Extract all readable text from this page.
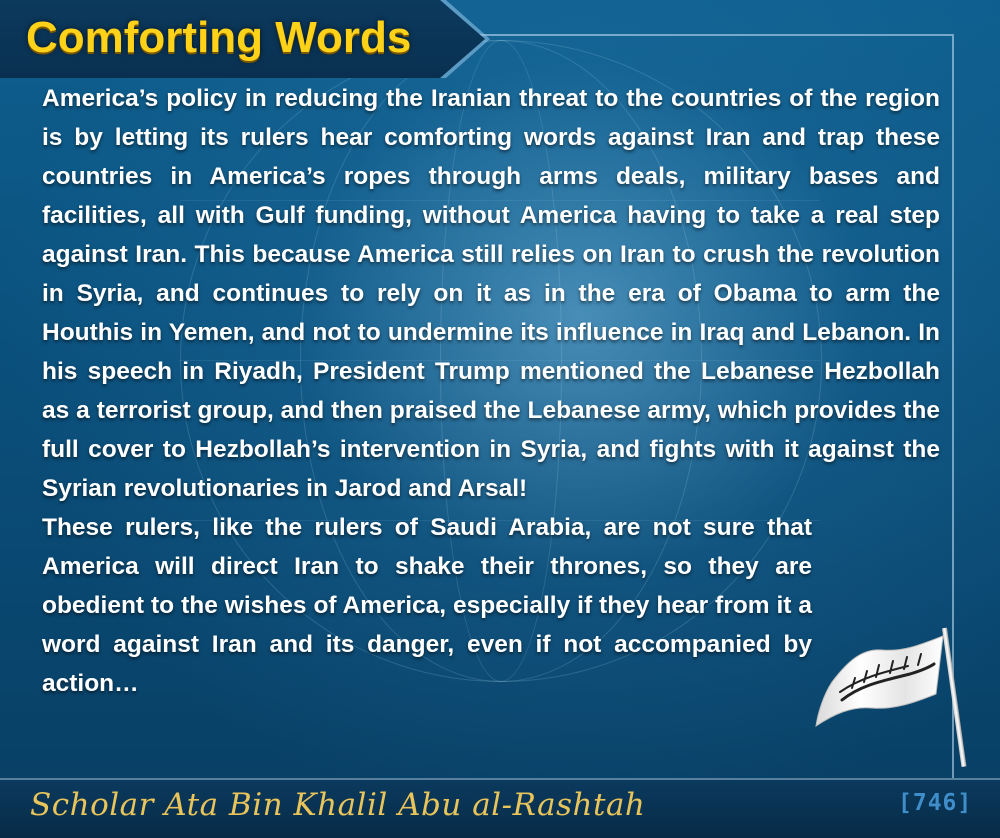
Comforting Words

America’s policy in reducing the Iranian threat to the countries of the region is by letting its rulers hear comforting words against Iran and trap these countries in America’s ropes through arms deals, military bases and facilities, all with Gulf funding, without America having to take a real step against Iran. This because America still relies on Iran to crush the revolution in Syria, and continues to rely on it as in the era of Obama to arm the Houthis in Yemen, and not to undermine its influence in Iraq and Lebanon. In his speech in Riyadh, President Trump mentioned the Lebanese Hezbollah as a terrorist group, and then praised the Lebanese army, which provides the full cover to Hezbollah’s intervention in Syria, and fights with it against the Syrian revolutionaries in Jarod and Arsal!

These rulers, like the rulers of Saudi Arabia, are not sure that America will direct Iran to shake their thrones, so they are obedient to the wishes of America, especially if they hear from it a word against Iran and its danger, even if not accompanied by action…

Scholar Ata Bin Khalil Abu al-Rashtah	[746]
